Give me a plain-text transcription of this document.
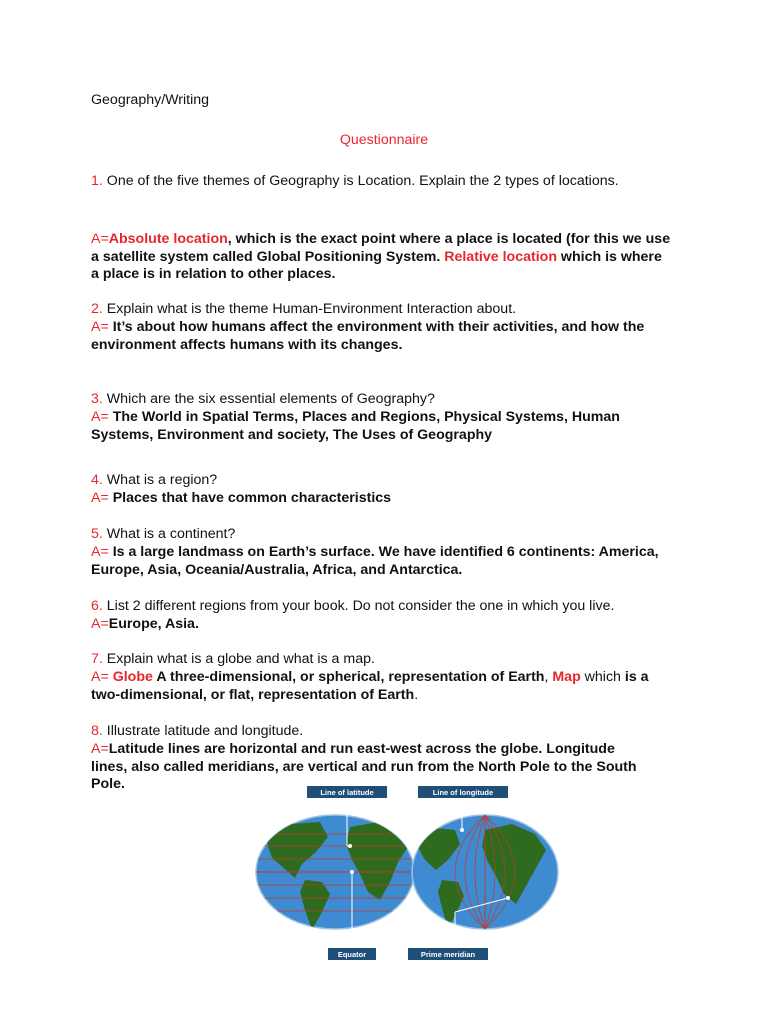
Geography/Writing
Questionnaire
1. One of the five themes of Geography is Location. Explain the 2 types of locations.
A=Absolute location, which is the exact point where a place is located (for this we use a satellite system called Global Positioning System. Relative location which is where a place is in relation to other places.
2. Explain what is the theme Human-Environment Interaction about.
A= It’s about how humans affect the environment with their activities, and how the environment affects humans with its changes.
3. Which are the six essential elements of Geography?
A= The World in Spatial Terms, Places and Regions, Physical Systems, Human Systems, Environment and society, The Uses of Geography
4. What is a region?
A= Places that have common characteristics
5. What is a continent?
A= Is a large landmass on Earth’s surface. We have identified 6 continents: America, Europe, Asia, Oceania/Australia, Africa, and Antarctica.
6. List 2 different regions from your book. Do not consider the one in which you live.
A=Europe, Asia.
7. Explain what is a globe and what is a map.
A= Globe A three-dimensional, or spherical, representation of Earth, Map which is a two-dimensional, or flat, representation of Earth.
8. Illustrate latitude and longitude.
A=Latitude lines are horizontal and run east-west across the globe. Longitude lines, also called meridians, are vertical and run from the North Pole to the South Pole.
Line of latitude	Line of longitude
Equator	Prime meridian
